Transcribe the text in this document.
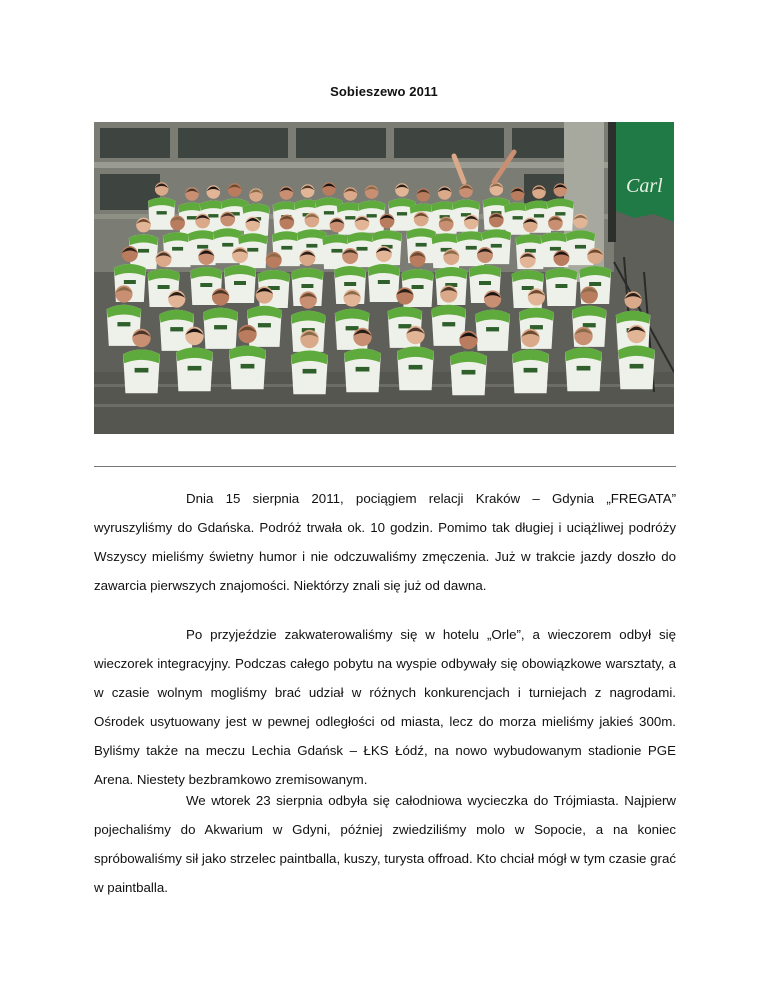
Sobieszewo 2011
Carl

Dnia 15 sierpnia 2011, pociągiem relacji Kraków – Gdynia „FREGATA” wyruszyliśmy do Gdańska. Podróż trwała ok. 10 godzin. Pomimo tak długiej i uciążliwej podróży Wszyscy mieliśmy świetny humor i nie odczuwaliśmy zmęczenia. Już w trakcie jazdy doszło do zawarcia pierwszych znajomości. Niektórzy znali się już od dawna.

Po przyjeździe zakwaterowaliśmy się w hotelu „Orle”, a wieczorem odbył się wieczorek integracyjny. Podczas całego pobytu na wyspie odbywały się obowiązkowe warsztaty, a w czasie wolnym mogliśmy brać udział w różnych konkurencjach i turniejach z nagrodami. Ośrodek usytuowany jest w pewnej odległości od miasta, lecz do morza mieliśmy jakieś 300m. Byliśmy także na meczu Lechia Gdańsk – ŁKS Łódź, na nowo wybudowanym stadionie PGE Arena. Niestety bezbramkowo zremisowanym.

We wtorek 23 sierpnia odbyła się całodniowa wycieczka do Trójmiasta. Najpierw pojechaliśmy do Akwarium w Gdyni, później zwiedziliśmy molo w Sopocie, a na koniec spróbowaliśmy sił jako strzelec paintballa, kuszy, turysta offroad. Kto chciał mógł w tym czasie grać w paintballa.
